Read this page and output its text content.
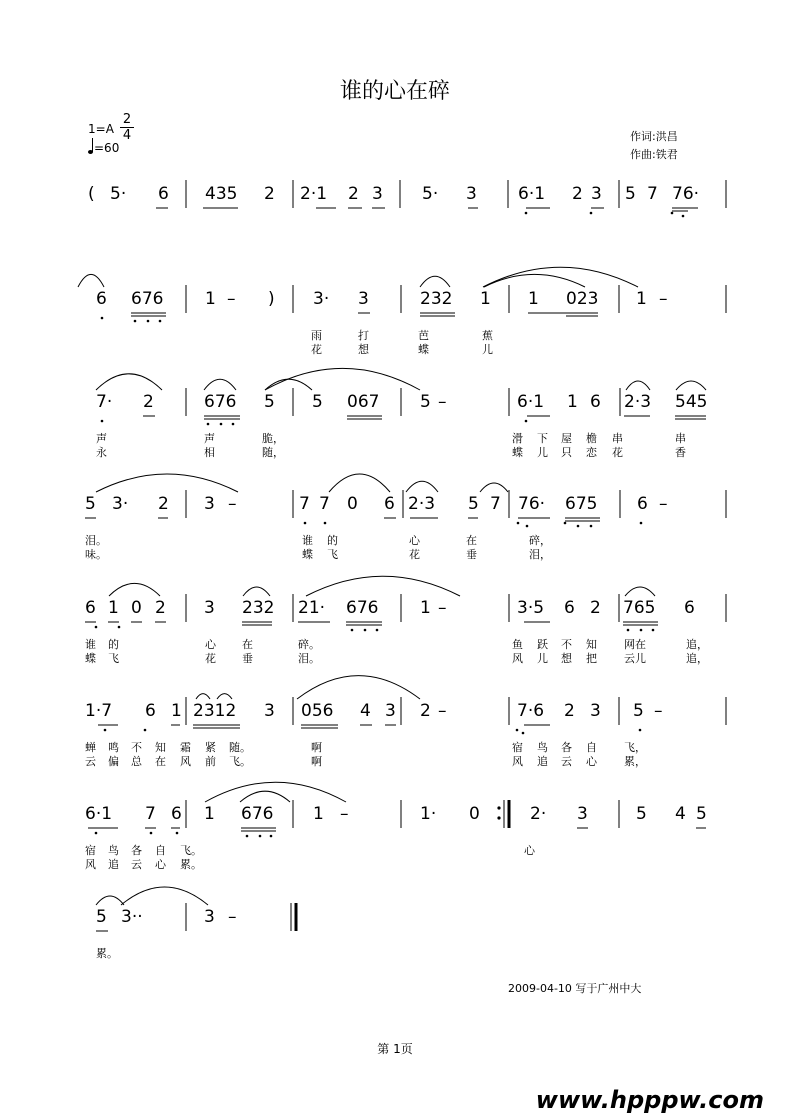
谁的心在碎
1=A
2
4
=60
作词:洪昌
作曲:铁君
( 5· 6 435 2 2·1 2 3 5· 3 6·1 2 3 5 7 76·
6 676 1 – ) 3· 3	232 1 1 023 1 –
雨	打	芭	蕉
花	想	蝶	儿
7· 2	676 5 5 067 5 –	6·1 1 6 2·3 545
声	声	脆，	滑 下 屋 檐 串	串
永	相	随，	蝶 儿 只 恋 花	香
5 3· 2 3 –	7 7 0 6 2·3 5 7 76· 675 6 –
泪。	谁 的	心	在	碎，
味。	蝶 飞	花	垂	泪，
6 1 0 2 3 232 21· 676 1 –	3·5 6 2 765 6
谁 的	心 在	碎。	鱼 跃 不 知 网在	追，
蝶 飞	花 垂	泪。	风 儿 想 把 云儿	追，
1·7 6 1 2312 3 056 4 3 2 –	7·6 2 3 5 –
蝉 鸣 不 知 霜 紧 随。	啊	宿 鸟 各 自 飞，
云 偏 总 在 风 前 飞。	啊	风 追 云 心 累，
6·1 7 6 1 676 1 –	1· 0	2· 3	5 4 5
宿 鸟 各 自 飞。	心
风 追 云 心 累。
5 3··	3 –
累。
2009-04-10 写于广州中大
第 1页
www.hpppw.com
